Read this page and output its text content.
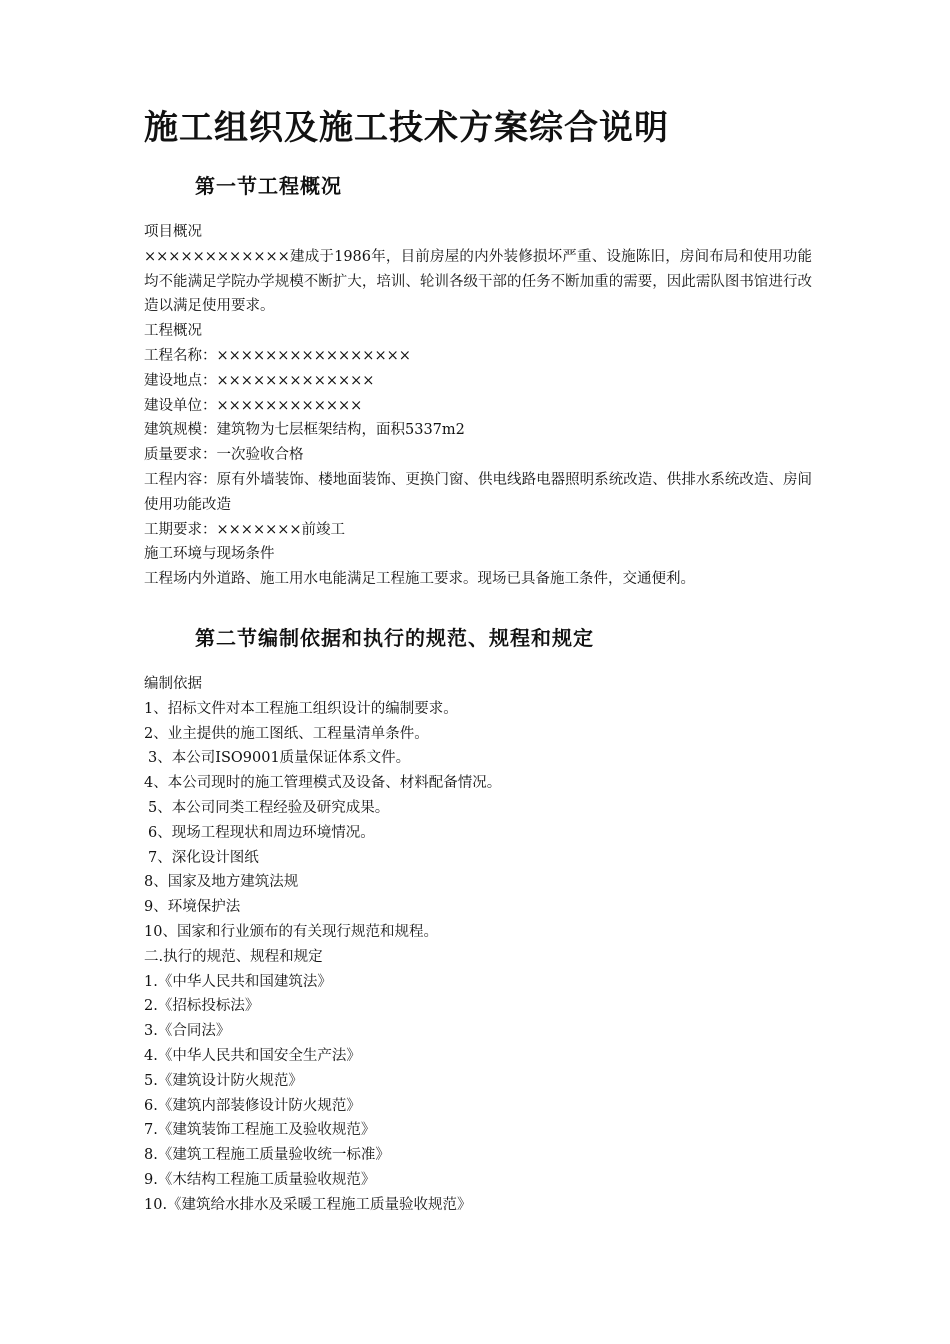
施工组织及施工技术方案综合说明
第一节工程概况

项目概况

××××××××××××建成于1986年，目前房屋的内外装修损坏严重、设施陈旧，房间布局和使用功能均不能满足学院办学规模不断扩大，培训、轮训各级干部的任务不断加重的需要，因此需队图书馆进行改造以满足使用要求。

工程概况

工程名称：××××××××××××××××

建设地点：×××××××××××××

建设单位：××××××××××××

建筑规模：建筑物为七层框架结构，面积5337m2

质量要求：一次验收合格

工程内容：原有外墙装饰、楼地面装饰、更换门窗、供电线路电器照明系统改造、供排水系统改造、房间使用功能改造

工期要求：×××××××前竣工

施工环境与现场条件

工程场内外道路、施工用水电能满足工程施工要求。现场已具备施工条件，交通便利。

第二节编制依据和执行的规范、规程和规定

编制依据

1、招标文件对本工程施工组织设计的编制要求。

2、业主提供的施工图纸、工程量清单条件。

3、本公司ISO9001质量保证体系文件。

4、本公司现时的施工管理模式及设备、材料配备情况。

5、本公司同类工程经验及研究成果。

6、现场工程现状和周边环境情况。

7、深化设计图纸

8、国家及地方建筑法规

9、环境保护法

10、国家和行业颁布的有关现行规范和规程。

二.执行的规范、规程和规定

1.《中华人民共和国建筑法》

2.《招标投标法》

3.《合同法》

4.《中华人民共和国安全生产法》

5.《建筑设计防火规范》

6.《建筑内部装修设计防火规范》

7.《建筑装饰工程施工及验收规范》

8.《建筑工程施工质量验收统一标准》

9.《木结构工程施工质量验收规范》

10.《建筑给水排水及采暖工程施工质量验收规范》
